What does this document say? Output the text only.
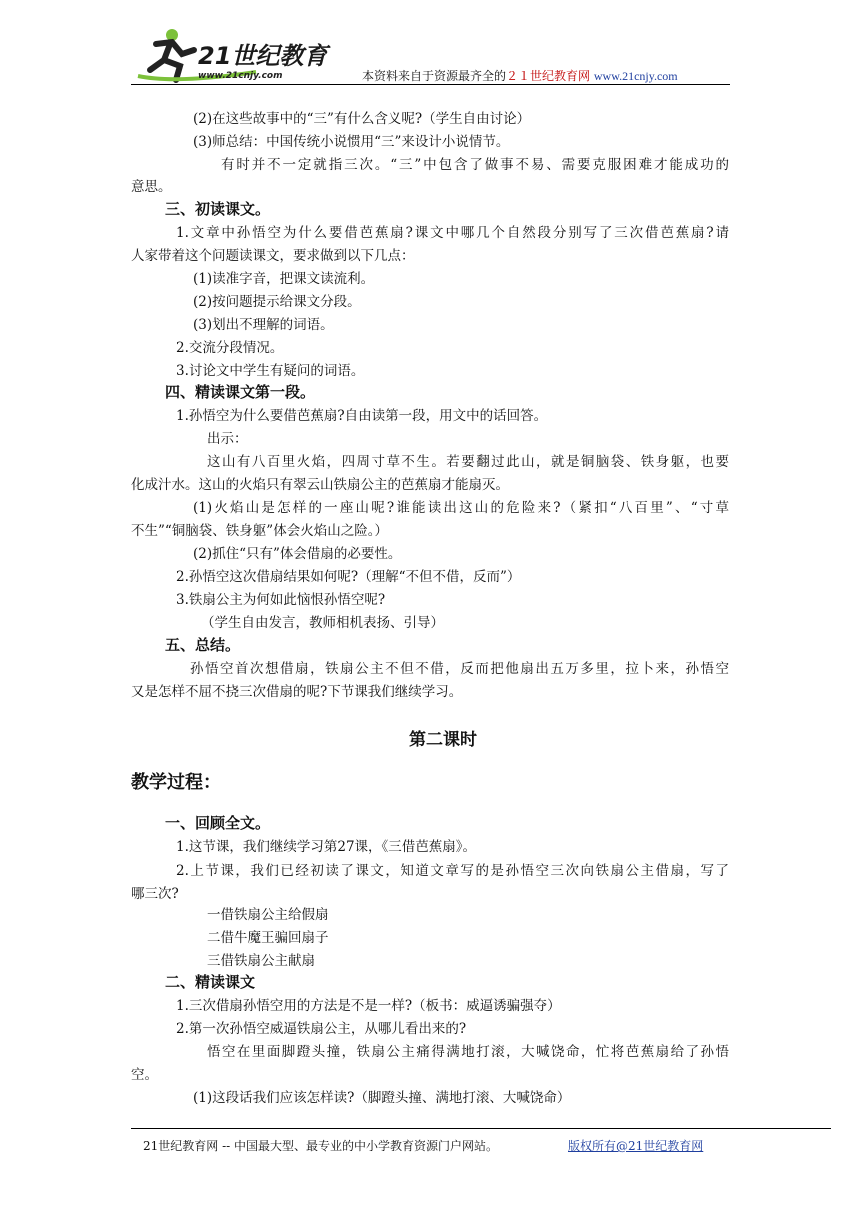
21世纪教育
www.21cnjy.com	本资料来自于资源最齐全的２１世纪教育网 www.21cnjy.com
(2)在这些故事中的“三”有什么含义呢?（学生自由讨论）
(3)师总结：中国传统小说惯用“三”来设计小说情节。
有时并不一定就指三次。“三”中包含了做事不易、需要克服困难才能成功的
意思。
三、初读课文。
1.文章中孙悟空为什么要借芭蕉扇?课文中哪几个自然段分别写了三次借芭蕉扇?请
人家带着这个问题读课文，要求做到以下几点：
(1)读准字音，把课文读流利。
(2)按问题提示给课文分段。
(3)划出不理解的词语。
2.交流分段情况。
3.讨论文中学生有疑问的词语。
四、精读课文第一段。
1.孙悟空为什么要借芭蕉扇?自由读第一段，用文中的话回答。
出示：
这山有八百里火焰，四周寸草不生。若要翻过此山，就是铜脑袋、铁身躯，也要
化成汁水。这山的火焰只有翠云山铁扇公主的芭蕉扇才能扇灭。
(1)火焰山是怎样的一座山呢?谁能读出这山的危险来?（紧扣“八百里”、“寸草
不生”“铜脑袋、铁身躯”体会火焰山之险。）
(2)抓住“只有”体会借扇的必要性。
2.孙悟空这次借扇结果如何呢?（理解“不但不借，反而”）
3.铁扇公主为何如此恼恨孙悟空呢?
（学生自由发言，教师相机表扬、引导）
五、总结。
孙悟空首次想借扇，铁扇公主不但不借，反而把他扇出五万多里，拉卜来，孙悟空
又是怎样不屈不挠三次借扇的呢?下节课我们继续学习。
第二课时
教学过程：
一、回顾全文。
1.这节课，我们继续学习第27课，《三借芭蕉扇》。
2.上节课，我们已经初读了课文，知道文章写的是孙悟空三次向铁扇公主借扇，写了
哪三次?
一借铁扇公主给假扇
二借牛魔王骗回扇子
三借铁扇公主献扇
二、精读课文
1.三次借扇孙悟空用的方法是不是一样?（板书：威逼诱骗强夺）
2.第一次孙悟空威逼铁扇公主，从哪儿看出来的?
悟空在里面脚蹬头撞，铁扇公主痛得满地打滚，大喊饶命，忙将芭蕉扇给了孙悟
空。
(1)这段话我们应该怎样读?（脚蹬头撞、满地打滚、大喊饶命）
21世纪教育网 -- 中国最大型、最专业的中小学教育资源门户网站。	版权所有@21世纪教育网
